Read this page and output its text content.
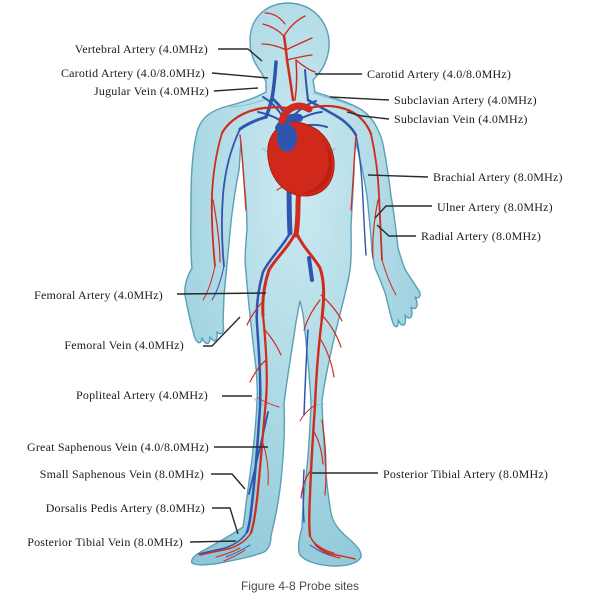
Vertebral Artery (4.0MHz)
Carotid Artery (4.0/8.0MHz)
Jugular Vein (4.0MHz)
Femoral Artery (4.0MHz)
Femoral Vein (4.0MHz)
Popliteal Artery (4.0MHz)
Great Saphenous Vein (4.0/8.0MHz)
Small Saphenous Vein (8.0MHz)
Dorsalis Pedis Artery (8.0MHz)
Posterior Tibial Vein (8.0MHz)
Carotid Artery (4.0/8.0MHz)
Subclavian Artery (4.0MHz)
Subclavian Vein (4.0MHz)
Brachial Artery (8.0MHz)
Ulner Artery (8.0MHz)
Radial Artery (8.0MHz)
Posterior Tibial Artery (8.0MHz)
Figure 4-8 Probe sites
